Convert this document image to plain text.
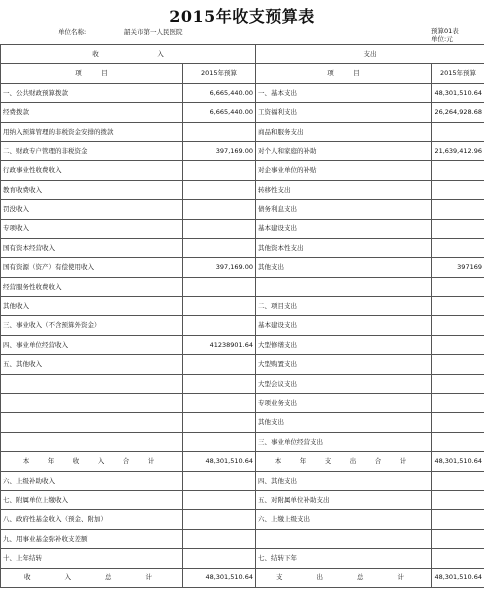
2015年收支预算表
单位名称:	韶关市第一人民医院	预算01表
单位:元
收　　　　　　　　　入		支出	
项　　　目	2015年预算	项　　　目	2015年预算
一、公共财政预算拨款	6,665,440.00	一、基本支出	48,301,510.64
经费拨款	6,665,440.00	工资福利支出	26,264,928.68
用纳入预算管理的非税资金安排的拨款		商品和服务支出	
二、财政专户管理的非税资金	397,169.00	对个人和家庭的补助	21,639,412.96
行政事业性收费收入		对企事业单位的补贴	
教育收费收入		转移性支出	
罚没收入		债务利息支出	
专项收入		基本建设支出	
国有资本经营收入		其他资本性支出	
国有资源（资产）有偿使用收入	397,169.00	其他支出	397169
经营服务性收费收入			
其他收入		二、项目支出	
三、事业收入（不含预算外资金）		基本建设支出	
四、事业单位经营收入	41238901.64	大型修缮支出	
五、其他收入		大型购置支出	
		大型会议支出	
		专项业务支出	
		其他支出	
		三、事业单位经营支出	
本　年　收　入　合　计	48,301,510.64	本　年　支　出　合　计	48,301,510.64
六、上级补助收入		四、其他支出	
七、附属单位上缴收入		五、对附属单位补助支出	
八、政府性基金收入（预金、附加）		六、上缴上级支出	
九、用事业基金弥补收支差额			
十、上年结转		七、结转下年	
收　　入　　总　　计	48,301,510.64	支　　出　　总　　计	48,301,510.64
